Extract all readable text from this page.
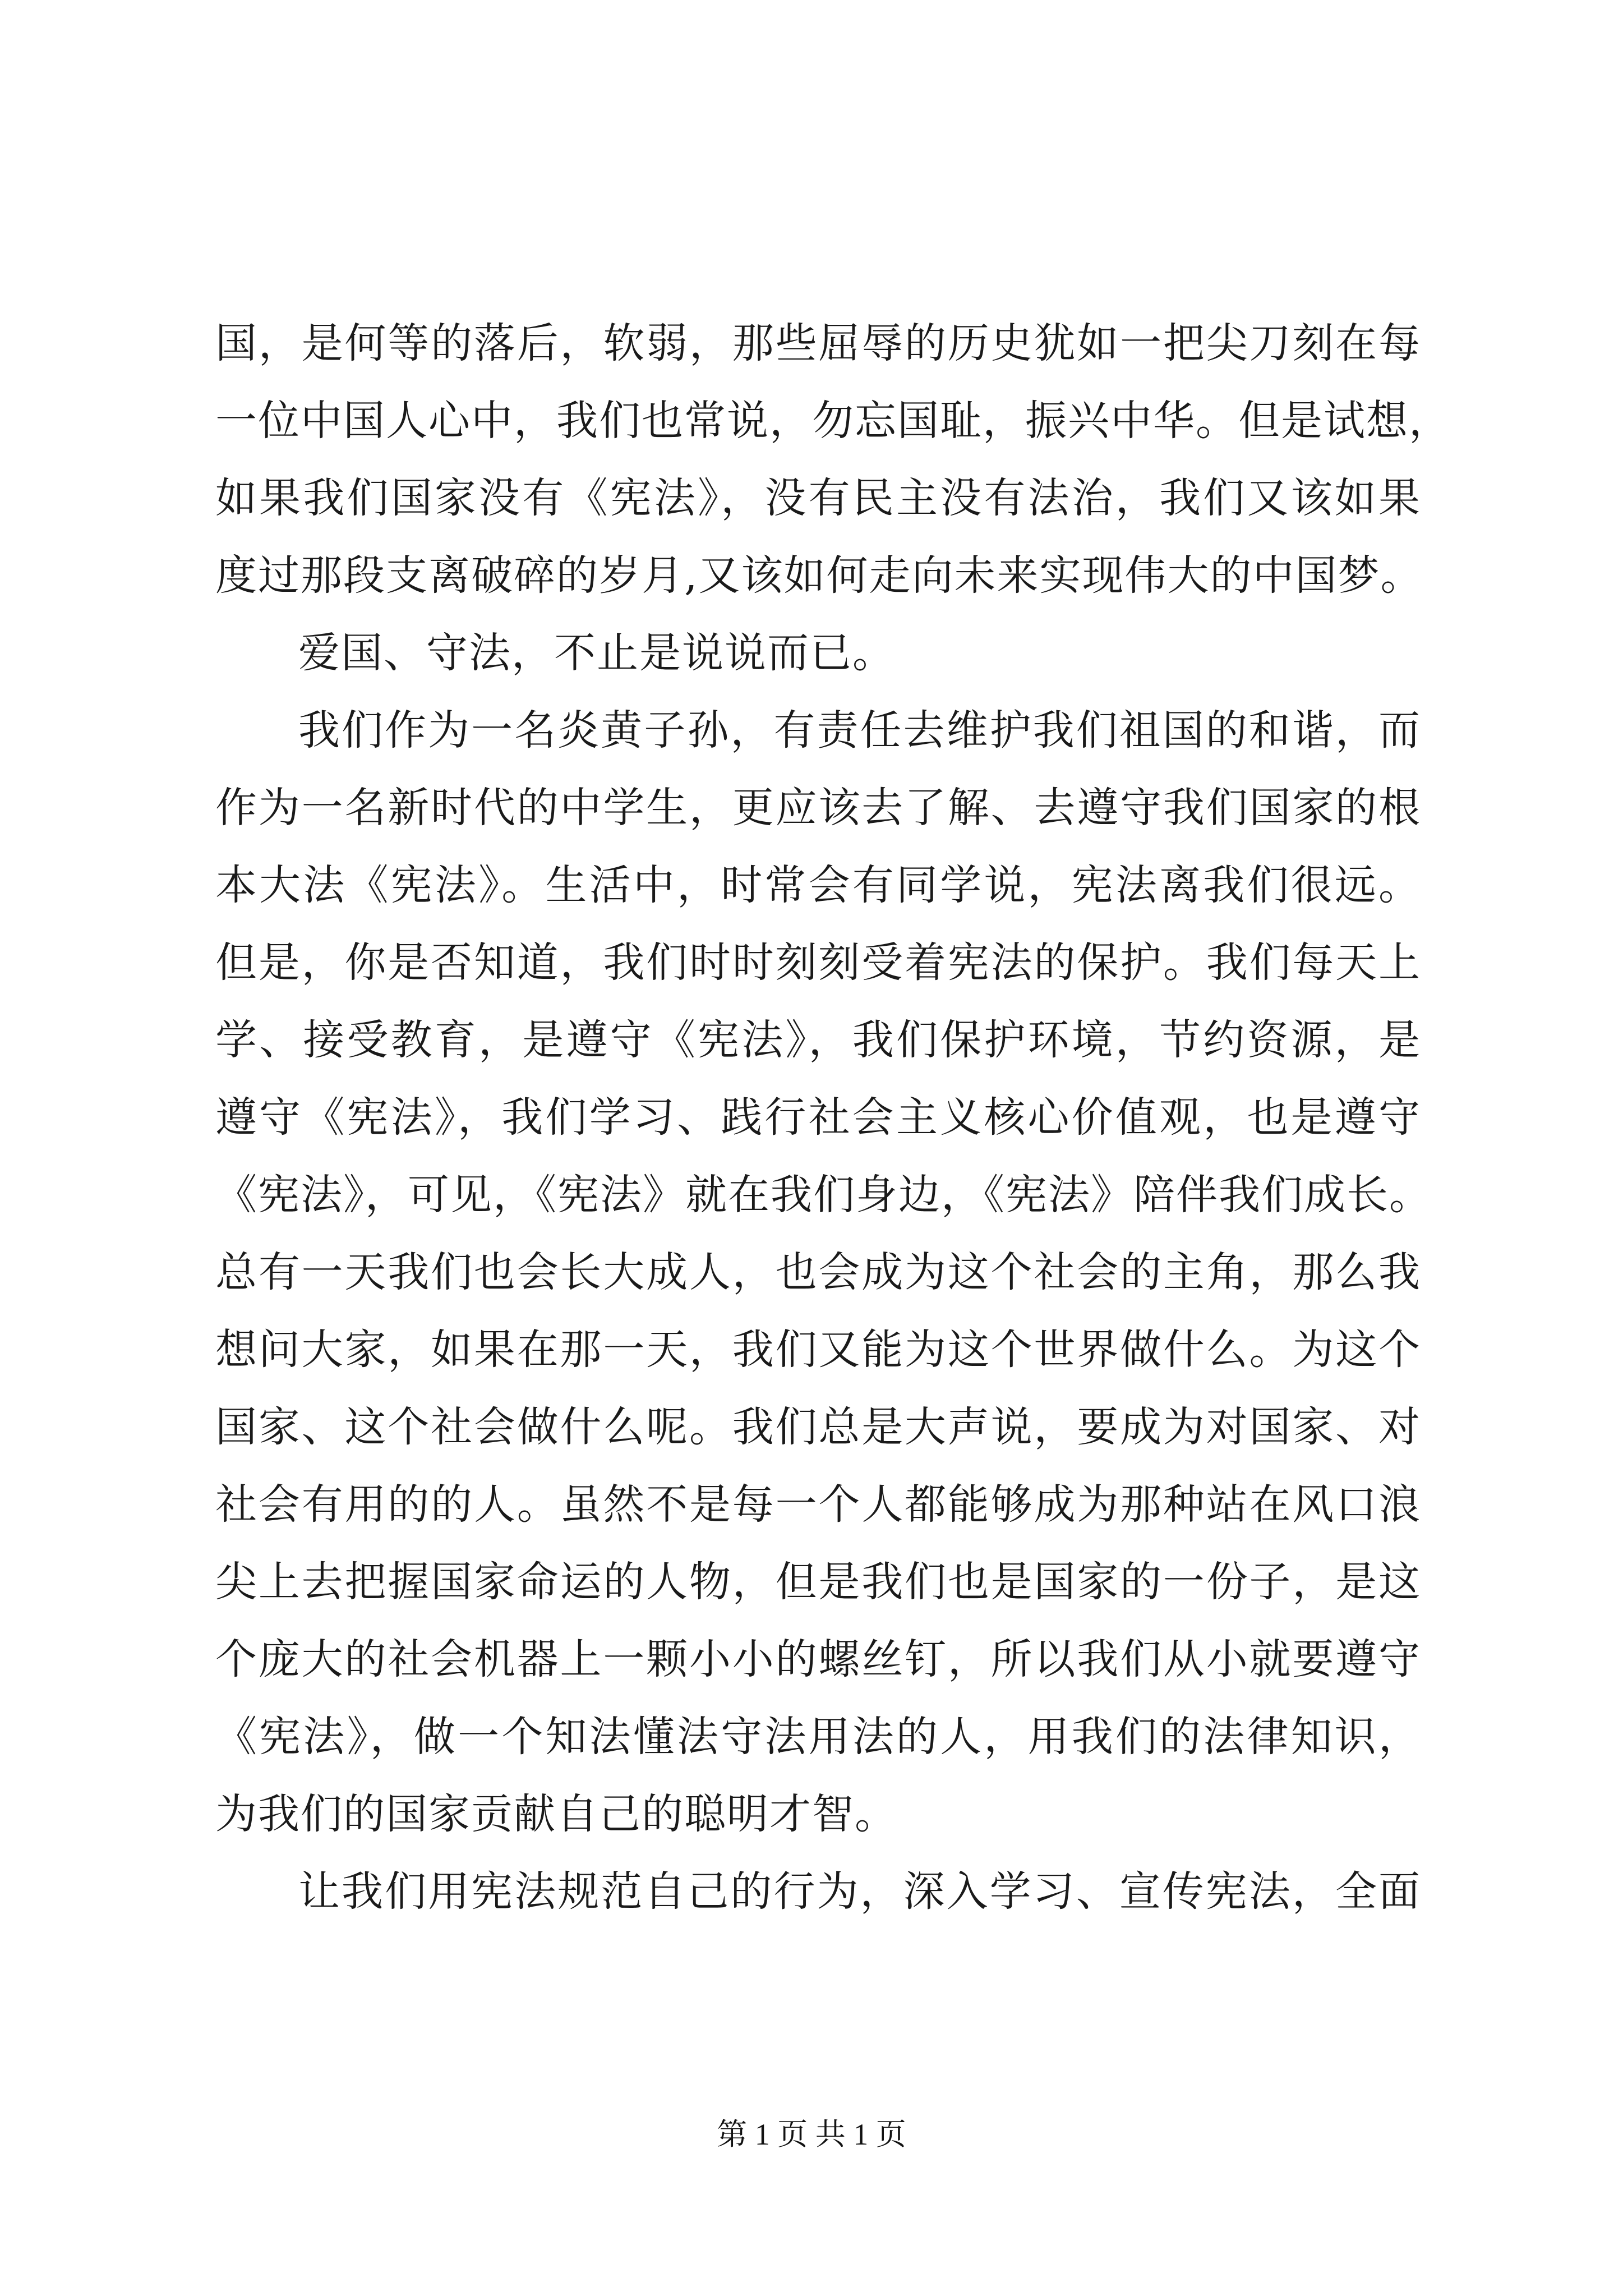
国，是何等的落后，软弱，那些屈辱的历史犹如一把尖刀刻在每
一位中国人心中，我们也常说，勿忘国耻，振兴中华。但是试想，
如果我们国家没有《宪法》，没有民主没有法治，我们又该如果
度过那段支离破碎的岁月,又该如何走向未来实现伟大的中国梦。
爱国、守法，不止是说说而已。
我们作为一名炎黄子孙，有责任去维护我们祖国的和谐，而
作为一名新时代的中学生，更应该去了解、去遵守我们国家的根
本大法《宪法》。生活中，时常会有同学说，宪法离我们很远。
但是，你是否知道，我们时时刻刻受着宪法的保护。我们每天上
学、接受教育，是遵守《宪法》，我们保护环境，节约资源，是
遵守《宪法》，我们学习、践行社会主义核心价值观，也是遵守
《宪法》，可见，《宪法》就在我们身边，《宪法》陪伴我们成长。
总有一天我们也会长大成人，也会成为这个社会的主角，那么我
想问大家，如果在那一天，我们又能为这个世界做什么。为这个
国家、这个社会做什么呢。我们总是大声说，要成为对国家、对
社会有用的的人。虽然不是每一个人都能够成为那种站在风口浪
尖上去把握国家命运的人物，但是我们也是国家的一份子，是这
个庞大的社会机器上一颗小小的螺丝钉，所以我们从小就要遵守
《宪法》，做一个知法懂法守法用法的人，用我们的法律知识，
为我们的国家贡献自己的聪明才智。
让我们用宪法规范自己的行为，深入学习、宣传宪法，全面
第 1 页 共 1 页
